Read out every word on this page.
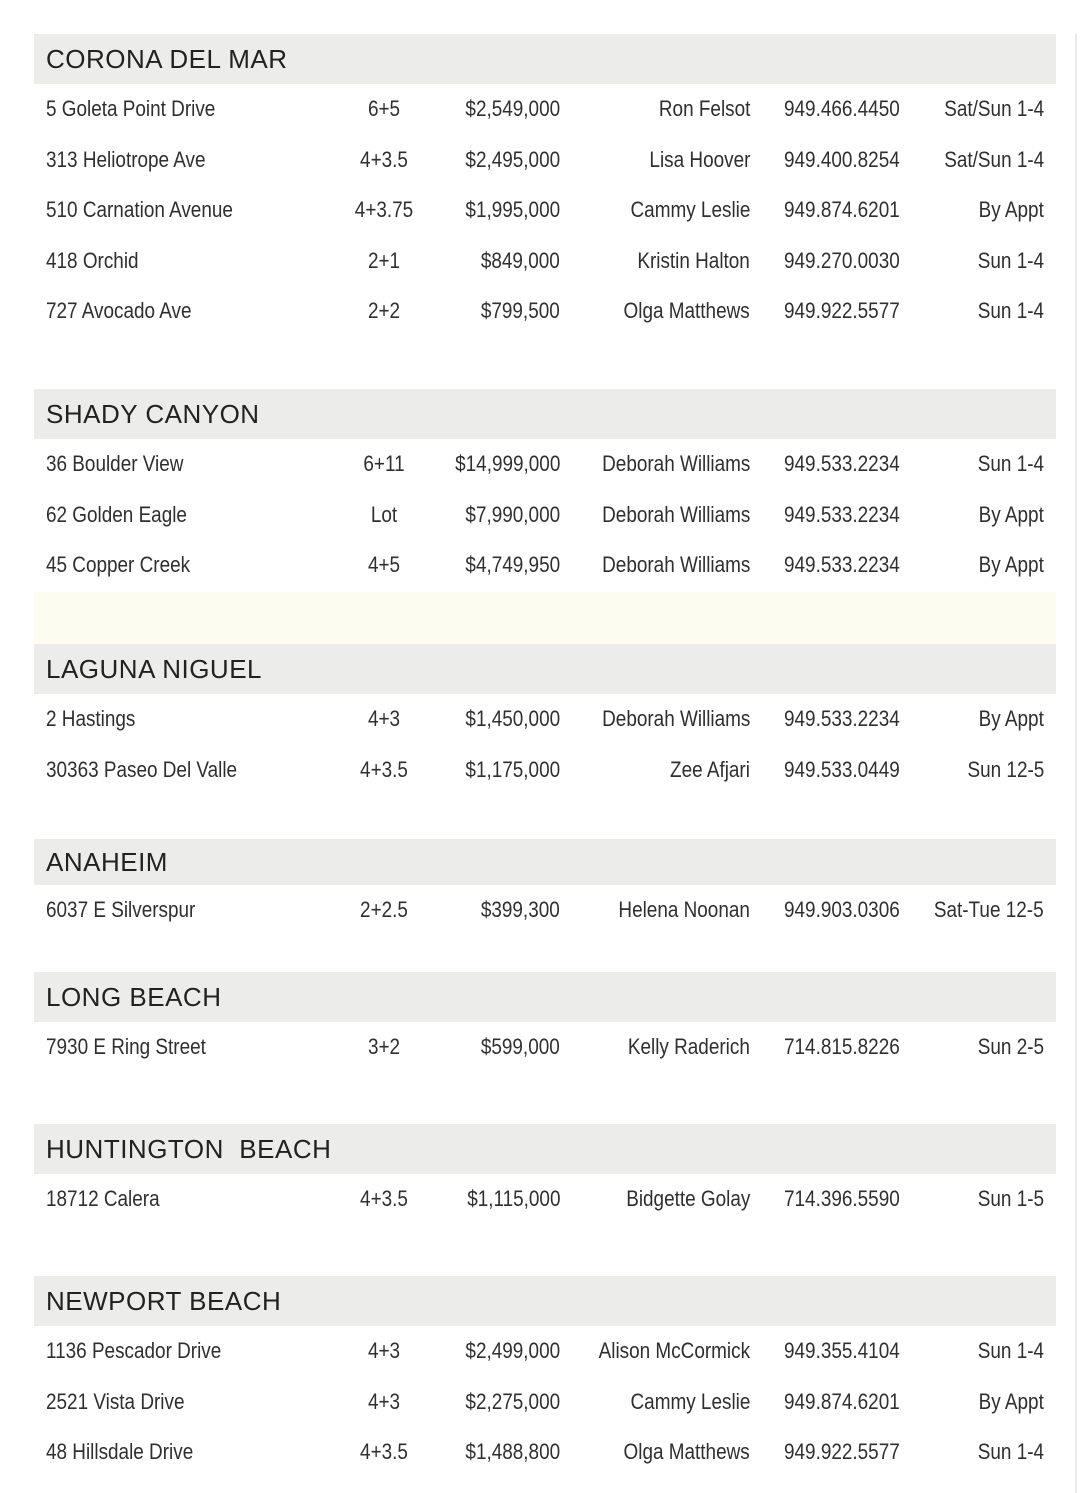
CORONA DEL MAR
5 Goleta Point Drive	6+5	$2,549,000	Ron Felsot 949.466.4450 Sat/Sun 1-4
313 Heliotrope Ave	4+3.5	$2,495,000	Lisa Hoover 949.400.8254 Sat/Sun 1-4
510 Carnation Avenue	4+3.75	$1,995,000	Cammy Leslie 949.874.6201	By Appt
418 Orchid	2+1	$849,000	Kristin Halton 949.270.0030	Sun 1-4
727 Avocado Ave	2+2	$799,500	Olga Matthews 949.922.5577	Sun 1-4
SHADY CANYON
36 Boulder View	6+11	$14,999,000 Deborah Williams 949.533.2234	Sun 1-4
62 Golden Eagle	Lot	$7,990,000 Deborah Williams 949.533.2234	By Appt
45 Copper Creek	4+5	$4,749,950 Deborah Williams 949.533.2234	By Appt
LAGUNA NIGUEL
2 Hastings	4+3	$1,450,000 Deborah Williams 949.533.2234	By Appt
30363 Paseo Del Valle	4+3.5	$1,175,000	Zee Afjari 949.533.0449	Sun 12-5
ANAHEIM
6037 E Silverspur	2+2.5	$399,300	Helena Noonan 949.903.0306 Sat-Tue 12-5
LONG BEACH
7930 E Ring Street	3+2	$599,000	Kelly Raderich 714.815.8226	Sun 2-5
HUNTINGTON  BEACH
18712 Calera	4+3.5	$1,115,000	Bidgette Golay 714.396.5590	Sun 1-5
NEWPORT BEACH
1136 Pescador Drive	4+3	$2,499,000 Alison McCormick 949.355.4104	Sun 1-4
2521 Vista Drive	4+3	$2,275,000	Cammy Leslie 949.874.6201	By Appt
48 Hillsdale Drive	4+3.5	$1,488,800	Olga Matthews 949.922.5577	Sun 1-4
